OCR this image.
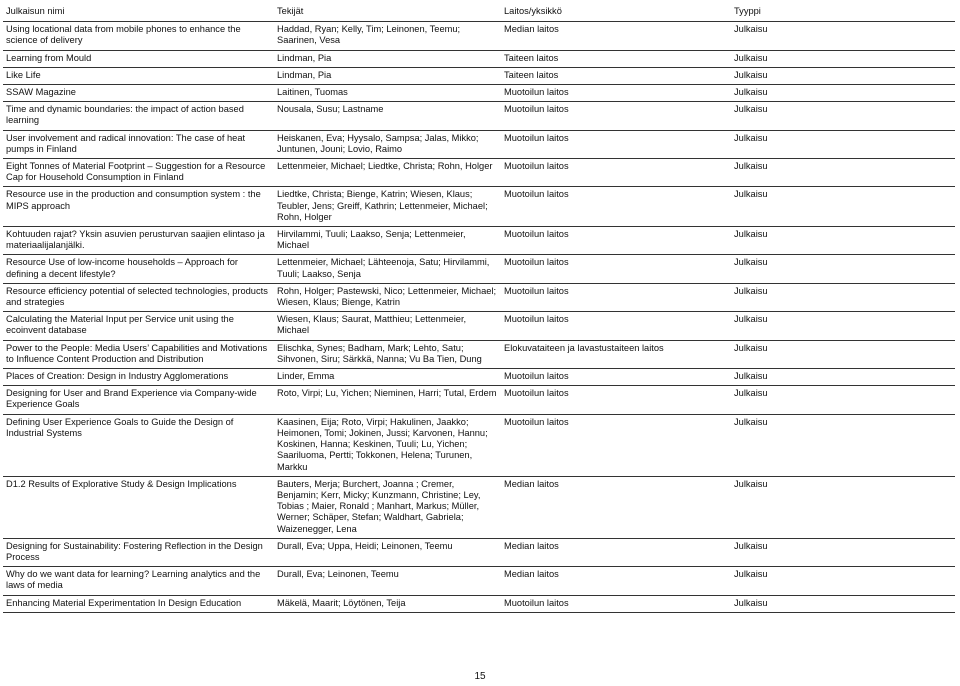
Julkaisun nimi	Tekijät	Laitos/yksikkö	Tyyppi
Using locational data from mobile phones to enhance the science of delivery	Haddad, Ryan; Kelly, Tim; Leinonen, Teemu; Saarinen, Vesa	Median laitos	Julkaisu
Learning from Mould	Lindman, Pia	Taiteen laitos	Julkaisu
Like Life	Lindman, Pia	Taiteen laitos	Julkaisu
SSAW Magazine	Laitinen, Tuomas	Muotoilun laitos	Julkaisu
Time and dynamic boundaries: the impact of action based learning	Nousala, Susu; Lastname	Muotoilun laitos	Julkaisu
User involvement and radical innovation: The case of heat pumps in Finland	Heiskanen, Eva; Hyysalo, Sampsa; Jalas, Mikko; Juntunen, Jouni; Lovio, Raimo	Muotoilun laitos	Julkaisu
Eight Tonnes of Material Footprint – Suggestion for a Resource Cap for Household Consumption in Finland	Lettenmeier, Michael; Liedtke, Christa; Rohn, Holger	Muotoilun laitos	Julkaisu
Resource use in the production and consumption system : the MIPS approach	Liedtke, Christa; Bienge, Katrin; Wiesen, Klaus; Teubler, Jens; Greiff, Kathrin; Lettenmeier, Michael; Rohn, Holger	Muotoilun laitos	Julkaisu
Kohtuuden rajat? Yksin asuvien perusturvan saajien elintaso ja materiaalijalanjälki.	Hirvilammi, Tuuli; Laakso, Senja; Lettenmeier, Michael	Muotoilun laitos	Julkaisu
Resource Use of low-income households – Approach for defining a decent lifestyle?	Lettenmeier, Michael; Lähteenoja, Satu; Hirvilammi, Tuuli; Laakso, Senja	Muotoilun laitos	Julkaisu
Resource efficiency potential of selected technologies, products and strategies	Rohn, Holger; Pastewski, Nico; Lettenmeier, Michael; Wiesen, Klaus; Bienge, Katrin	Muotoilun laitos	Julkaisu
Calculating the Material Input per Service unit using the ecoinvent database	Wiesen, Klaus; Saurat, Matthieu; Lettenmeier, Michael	Muotoilun laitos	Julkaisu
Power to the People: Media Users’ Capabilities and Motivations to Influence Content Production and Distribution	Elischka, Synes; Badham, Mark; Lehto, Satu; Sihvonen, Siru; Särkkä, Nanna; Vu Ba Tien, Dung	Elokuvataiteen ja lavastustaiteen laitos	Julkaisu
Places of Creation: Design in Industry Agglomerations	Linder, Emma	Muotoilun laitos	Julkaisu
Designing for User and Brand Experience via Company-wide Experience Goals	Roto, Virpi; Lu, Yichen; Nieminen, Harri; Tutal, Erdem	Muotoilun laitos	Julkaisu
Defining User Experience Goals to Guide the Design of Industrial Systems	Kaasinen, Eija; Roto, Virpi; Hakulinen, Jaakko; Heimonen, Tomi; Jokinen, Jussi; Karvonen, Hannu; Koskinen, Hanna; Keskinen, Tuuli; Lu, Yichen; Saariluoma, Pertti; Tokkonen, Helena; Turunen, Markku	Muotoilun laitos	Julkaisu
D1.2 Results of Explorative Study & Design Implications	Bauters, Merja; Burchert, Joanna ; Cremer, Benjamin; Kerr, Micky; Kunzmann, Christine; Ley, Tobias ; Maier, Ronald ; Manhart, Markus; Müller, Werner; Schäper, Stefan; Waldhart, Gabriela; Waizenegger, Lena	Median laitos	Julkaisu
Designing for Sustainability: Fostering Reflection in the Design Process	Durall, Eva; Uppa, Heidi; Leinonen, Teemu	Median laitos	Julkaisu
Why do we want data for learning? Learning analytics and the laws of media	Durall, Eva; Leinonen, Teemu	Median laitos	Julkaisu
Enhancing Material Experimentation In Design Education	Mäkelä, Maarit; Löytönen, Teija	Muotoilun laitos	Julkaisu
15
